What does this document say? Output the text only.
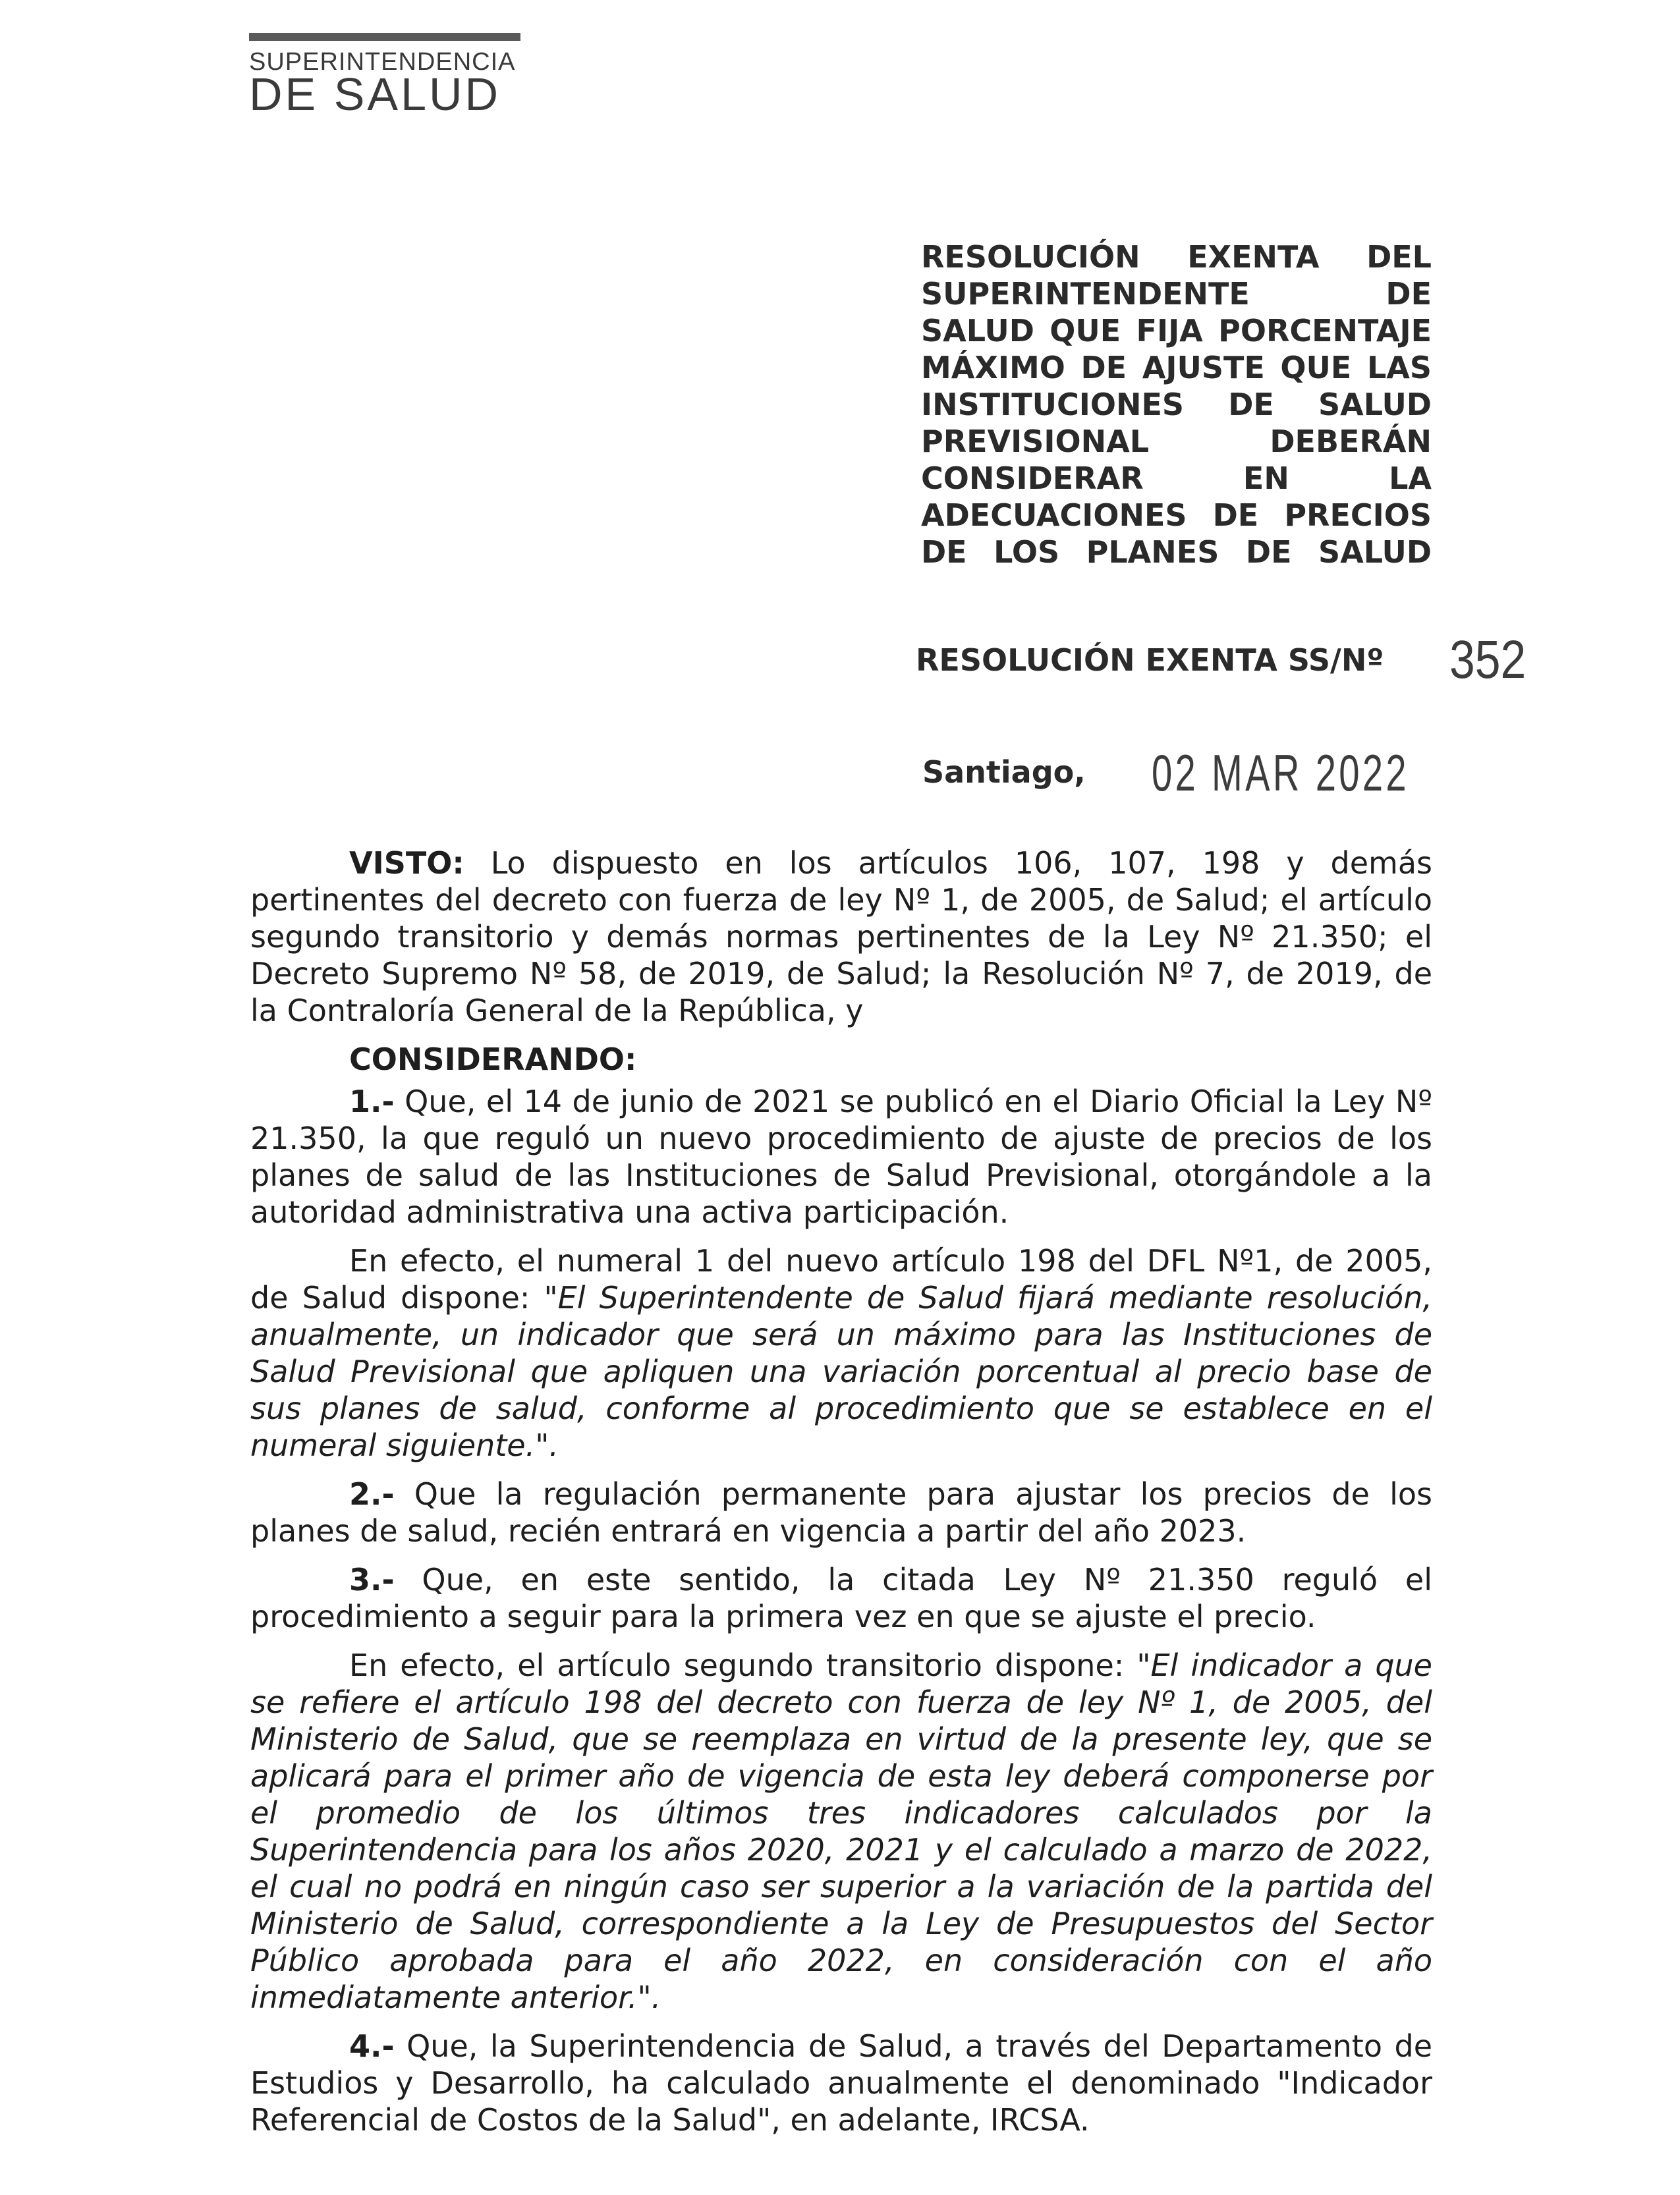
SUPERINTENDENCIA
DE SALUD
RESOLUCIÓN EXENTA DEL
SUPERINTENDENTE DE
SALUD QUE FIJA PORCENTAJE
MÁXIMO DE AJUSTE QUE LAS
INSTITUCIONES DE SALUD
PREVISIONAL DEBERÁN
CONSIDERAR EN LA
ADECUACIONES DE PRECIOS
DE LOS PLANES DE SALUD
RESOLUCIÓN EXENTA SS/Nº 352
Santiago, 02 MAR 2022

VISTO: Lo dispuesto en los artículos 106, 107, 198 y demás pertinentes del decreto con fuerza de ley Nº 1, de 2005, de Salud; el artículo segundo transitorio y demás normas pertinentes de la Ley Nº 21.350; el Decreto Supremo Nº 58, de 2019, de Salud; la Resolución Nº 7, de 2019, de la Contraloría General de la República, y

CONSIDERANDO:

1.- Que, el 14 de junio de 2021 se publicó en el Diario Oficial la Ley Nº 21.350, la que reguló un nuevo procedimiento de ajuste de precios de los planes de salud de las Instituciones de Salud Previsional, otorgándole a la autoridad administrativa una activa participación.

En efecto, el numeral 1 del nuevo artículo 198 del DFL Nº1, de 2005, de Salud dispone: "El Superintendente de Salud fijará mediante resolución, anualmente, un indicador que será un máximo para las Instituciones de Salud Previsional que apliquen una variación porcentual al precio base de sus planes de salud, conforme al procedimiento que se establece en el numeral siguiente.".

2.- Que la regulación permanente para ajustar los precios de los planes de salud, recién entrará en vigencia a partir del año 2023.

3.- Que, en este sentido, la citada Ley Nº 21.350 reguló el procedimiento a seguir para la primera vez en que se ajuste el precio.

En efecto, el artículo segundo transitorio dispone: "El indicador a que se refiere el artículo 198 del decreto con fuerza de ley Nº 1, de 2005, del Ministerio de Salud, que se reemplaza en virtud de la presente ley, que se aplicará para el primer año de vigencia de esta ley deberá componerse por el promedio de los últimos tres indicadores calculados por la Superintendencia para los años 2020, 2021 y el calculado a marzo de 2022, el cual no podrá en ningún caso ser superior a la variación de la partida del Ministerio de Salud, correspondiente a la Ley de Presupuestos del Sector Público aprobada para el año 2022, en consideración con el año inmediatamente anterior.".

4.- Que, la Superintendencia de Salud, a través del Departamento de Estudios y Desarrollo, ha calculado anualmente el denominado "Indicador Referencial de Costos de la Salud", en adelante, IRCSA.
